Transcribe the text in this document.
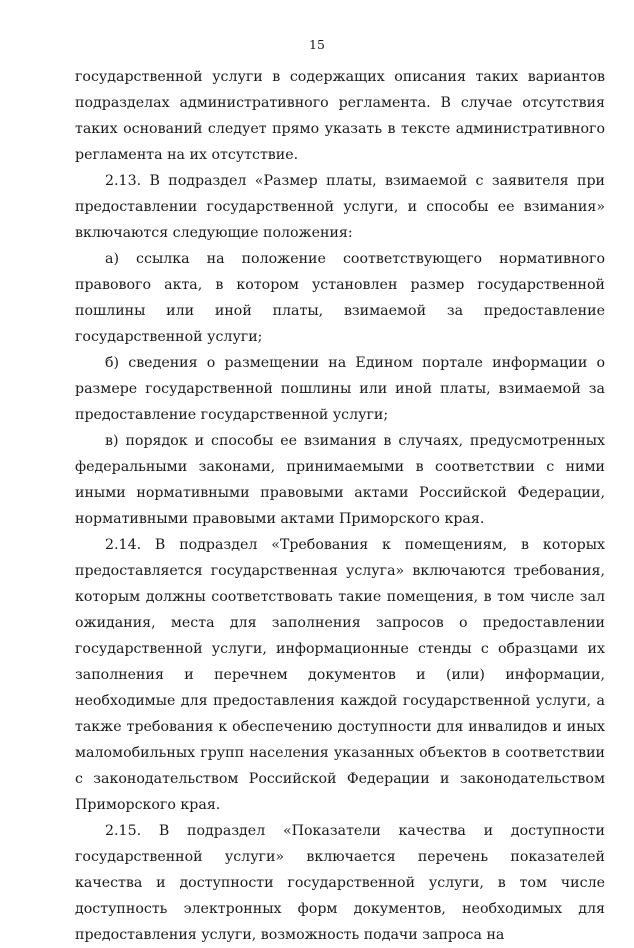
15

государственной услуги в содержащих описания таких вариантов подразделах административного регламента. В случае отсутствия таких оснований следует прямо указать в тексте административного регламента на их отсутствие.

2.13. В подраздел «Размер платы, взимаемой с заявителя при предоставлении государственной услуги, и способы ее взимания» включаются следующие положения:

а) ссылка на положение соответствующего нормативного правового акта, в котором установлен размер государственной пошлины или иной платы, взимаемой за предоставление государственной услуги;

б) сведения о размещении на Едином портале информации о размере государственной пошлины или иной платы, взимаемой за предоставление государственной услуги;

в) порядок и способы ее взимания в случаях, предусмотренных федеральными законами, принимаемыми в соответствии с ними иными нормативными правовыми актами Российской Федерации, нормативными правовыми актами Приморского края.

2.14. В подраздел «Требования к помещениям, в которых предоставляется государственная услуга» включаются требования, которым должны соответствовать такие помещения, в том числе зал ожидания, места для заполнения запросов о предоставлении государственной услуги, информационные стенды с образцами их заполнения и перечнем документов и (или) информации, необходимые для предоставления каждой государственной услуги, а также требования к обеспечению доступности для инвалидов и иных маломобильных групп населения указанных объектов в соответствии с законодательством Российской Федерации и законодательством Приморского края.

2.15. В подраздел «Показатели качества и доступности государственной услуги» включается перечень показателей качества и доступности государственной услуги, в том числе доступность электронных форм документов, необходимых для предоставления услуги, возможность подачи запроса на
